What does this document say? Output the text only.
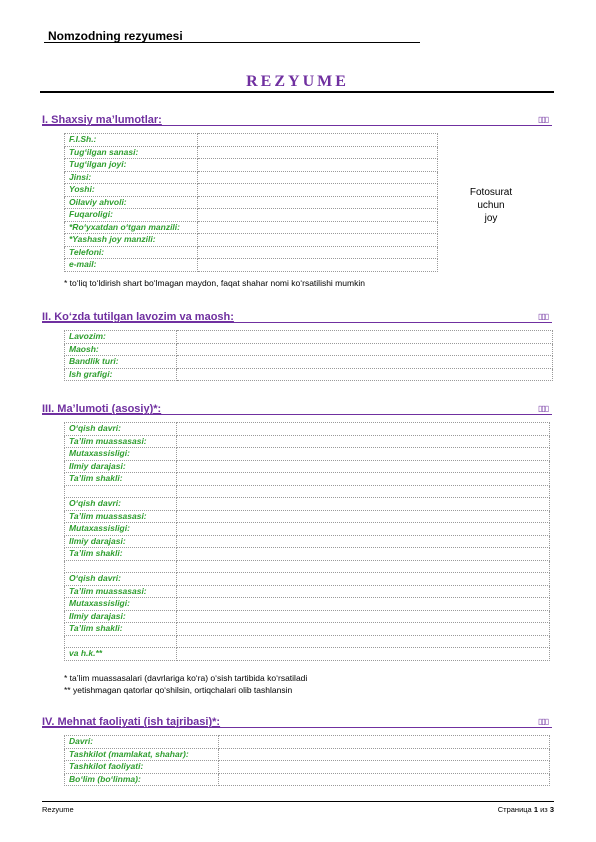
Nomzodning rezyumesi
REZYUME
I. Shaxsiy ma’lumotlar:	▯▯▯
F.I.Sh.:	
Tug‘ilgan sanasi:	
Tug‘ilgan joyi:	
Jinsi:	
Yoshi:	
Oilaviy ahvoli:	
Fuqaroligi:	
*Ro‘yxatdan o‘tgan manzili:	
*Yashash joy manzili:	
Telefoni:	
e-mail:	
Fotosurat
uchun
joy
* to‘liq to‘ldirish shart bo‘lmagan maydon, faqat shahar nomi ko‘rsatilishi mumkin
II. Ko‘zda tutilgan lavozim va maosh:	▯▯▯
Lavozim:	
Maosh:	
Bandlik turi:	
Ish grafigi:	
III. Ma’lumoti (asosiy)*:	▯▯▯
O‘qish davri:	
Ta’lim muassasasi:	
Mutaxassisligi:	
Ilmiy darajasi:	
Ta’lim shakli:	

O‘qish davri:	
Ta’lim muassasasi:	
Mutaxassisligi:	
Ilmiy darajasi:	
Ta’lim shakli:	

O‘qish davri:	
Ta’lim muassasasi:	
Mutaxassisligi:	
Ilmiy darajasi:	
Ta’lim shakli:	

va h.k.**	
* ta’lim muassasalari (davrlariga ko‘ra) o‘sish tartibida ko‘rsatiladi
** yetishmagan qatorlar qo‘shilsin, ortiqchalari olib tashlansin
IV. Mehnat faoliyati (ish tajribasi)*:	▯▯▯
Davri:	
Tashkilot (mamlakat, shahar):	
Tashkilot faoliyati:	
Bo‘lim (bo‘linma):	
Rezyume	Страница 1 из 3
